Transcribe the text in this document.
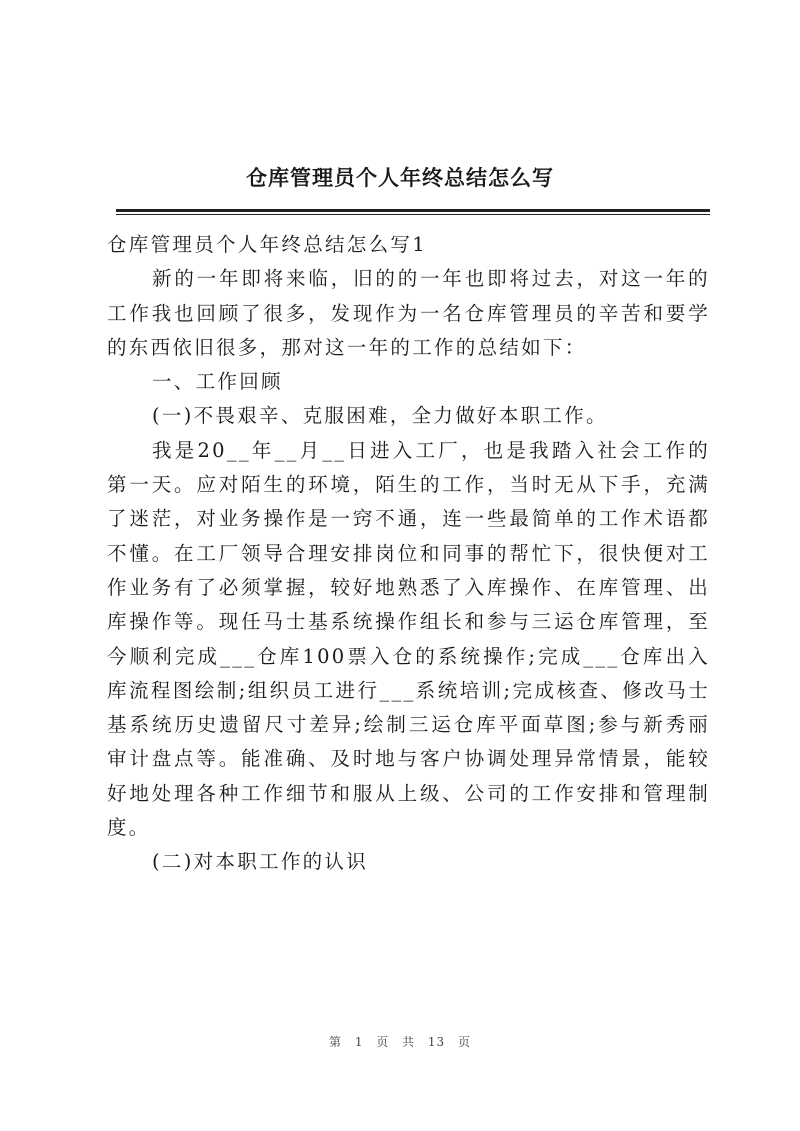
仓库管理员个人年终总结怎么写

仓库管理员个人年终总结怎么写1

新的一年即将来临，旧的的一年也即将过去，对这一年的工作我也回顾了很多，发现作为一名仓库管理员的辛苦和要学的东西依旧很多，那对这一年的工作的总结如下：

一、工作回顾

(一)不畏艰辛、克服困难，全力做好本职工作。

我是20__年__月__日进入工厂，也是我踏入社会工作的第一天。应对陌生的环境，陌生的工作，当时无从下手，充满了迷茫，对业务操作是一窍不通，连一些最简单的工作术语都不懂。在工厂领导合理安排岗位和同事的帮忙下，很快便对工作业务有了必须掌握，较好地熟悉了入库操作、在库管理、出库操作等。现任马士基系统操作组长和参与三运仓库管理，至今顺利完成___仓库100票入仓的系统操作;完成___仓库出入库流程图绘制;组织员工进行___系统培训;完成核查、修改马士基系统历史遗留尺寸差异;绘制三运仓库平面草图;参与新秀丽审计盘点等。能准确、及时地与客户协调处理异常情景，能较好地处理各种工作细节和服从上级、公司的工作安排和管理制度。

(二)对本职工作的认识

第 1 页 共 13 页
